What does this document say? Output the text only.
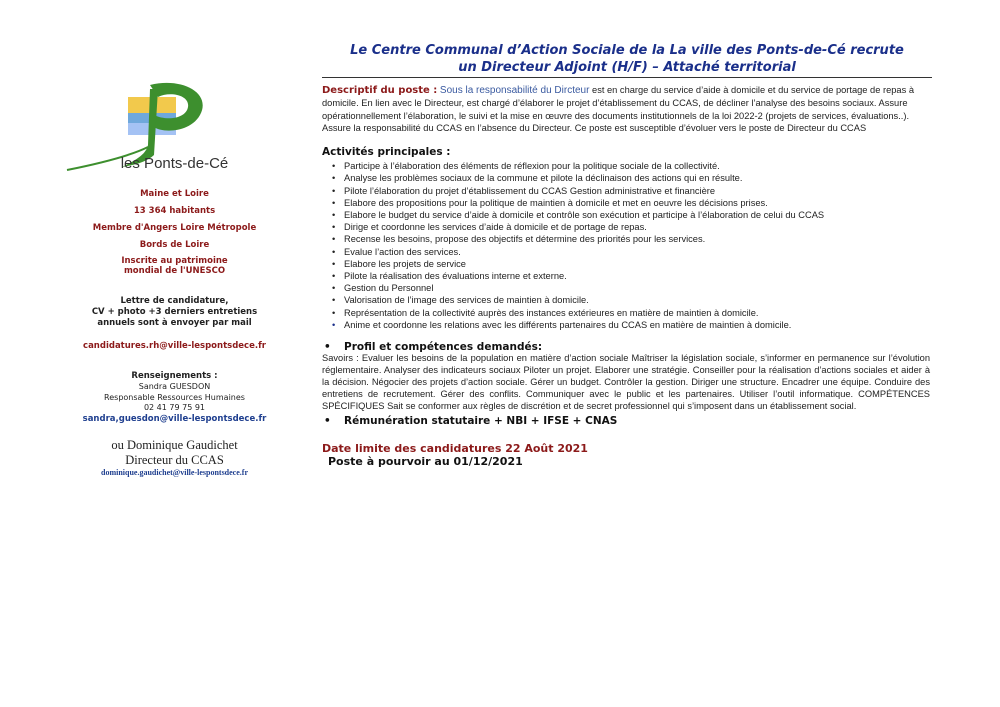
les Ponts-de-Cé
Maine et Loire
13 364 habitants
Membre d'Angers Loire Métropole
Bords de Loire
Inscrite au patrimoine
mondial de l'UNESCO
Lettre de candidature,
CV + photo +3 derniers entretiens
annuels sont à envoyer par mail
candidatures.rh@ville-lespontsdece.fr
Renseignements :
Sandra GUESDON
Responsable Ressources Humaines
02 41 79 75 91
sandra,guesdon@ville-lespontsdece.fr
ou Dominique Gaudichet
Directeur du CCAS
dominique.gaudichet@ville-lespontsdece.fr
Le Centre Communal d’Action Sociale de la La ville des Ponts-de-Cé recrute
un Directeur Adjoint (H/F) – Attaché territorial
Descriptif du poste : Sous la responsabilité du Dircteur est en charge du service d’aide à domicile et du service de portage de repas à domicile. En lien avec le Directeur, est chargé d’élaborer le projet d’établissement du CCAS, de décliner l’analyse des besoins sociaux. Assure opérationnellement l’élaboration, le suivi et la mise en œuvre des documents institutionnels de la loi 2022-2 (projets de services, évaluations..). Assure la responsabilité du CCAS en l’absence du Directeur. Ce poste est susceptible d’évoluer vers le poste de Directeur du CCAS
Activités principales :
• Participe à l’élaboration des éléments de réflexion pour la politique sociale de la collectivité.
• Analyse les problèmes sociaux de la commune et pilote la déclinaison des actions qui en résulte.
• Pilote l’élaboration du projet d’établissement du CCAS Gestion administrative et financière
• Elabore des propositions pour la politique de maintien à domicile et met en oeuvre les décisions prises.
• Elabore le budget du service d’aide à domicile et contrôle son exécution et participe à l’élaboration de celui du CCAS
• Dirige et coordonne les services d’aide à domicile et de portage de repas.
• Recense les besoins, propose des objectifs et détermine des priorités pour les services.
• Evalue l’action des services.
• Elabore les projets de service
• Pilote la réalisation des évaluations interne et externe.
• Gestion du Personnel
• Valorisation de l’image des services de maintien à domicile.
• Représentation de la collectivité auprès des instances extérieures en matière de maintien à domicile.
• Anime et coordonne les relations avec les différents partenaires du CCAS en matière de maintien à domicile.
• Profil et compétences demandés:
Savoirs : Evaluer les besoins de la population en matière d’action sociale Maîtriser la législation sociale, s’informer en permanence sur l’évolution réglementaire. Analyser des indicateurs sociaux Piloter un projet. Elaborer une stratégie. Conseiller pour la réalisation d’actions sociales et aider à la décision. Négocier des projets d’action sociale. Gérer un budget. Contrôler la gestion. Diriger une structure. Encadrer une équipe. Conduire des entretiens de recrutement. Gérer des conflits. Communiquer avec le public et les partenaires. Utiliser l’outil informatique. COMPÉTENCES SPÉCIFIQUES Sait se conformer aux règles de discrétion et de secret professionnel qui s’imposent dans un établissement social.
• Rémunération statutaire + NBI + IFSE + CNAS
Date limite des candidatures 22 Août 2021
Poste à pourvoir au 01/12/2021
